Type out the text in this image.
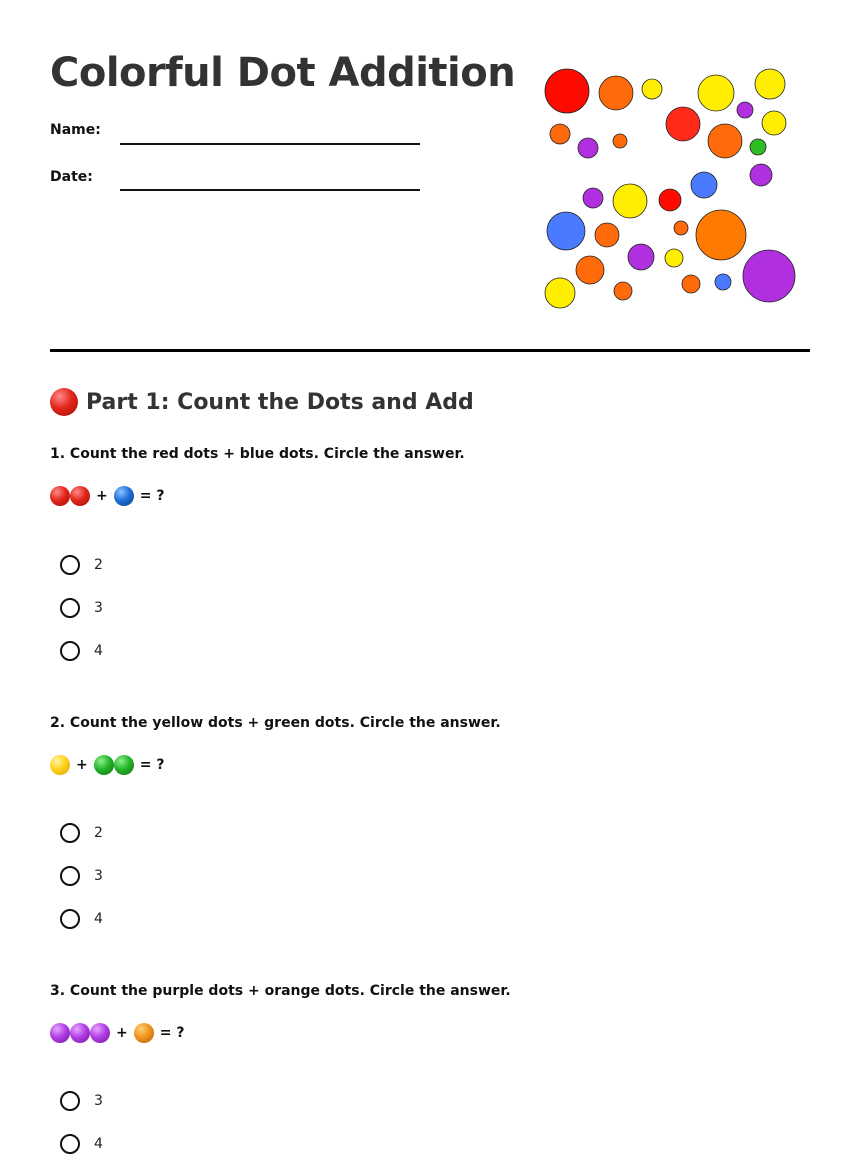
Colorful Dot Addition
Name:
Date:
Part 1: Count the Dots and Add
1. Count the red dots + blue dots. Circle the answer.
+ = ?
2
3
4
2. Count the yellow dots + green dots. Circle the answer.
+	= ?
2
3
4
3. Count the purple dots + orange dots. Circle the answer.
+ = ?
3
4
